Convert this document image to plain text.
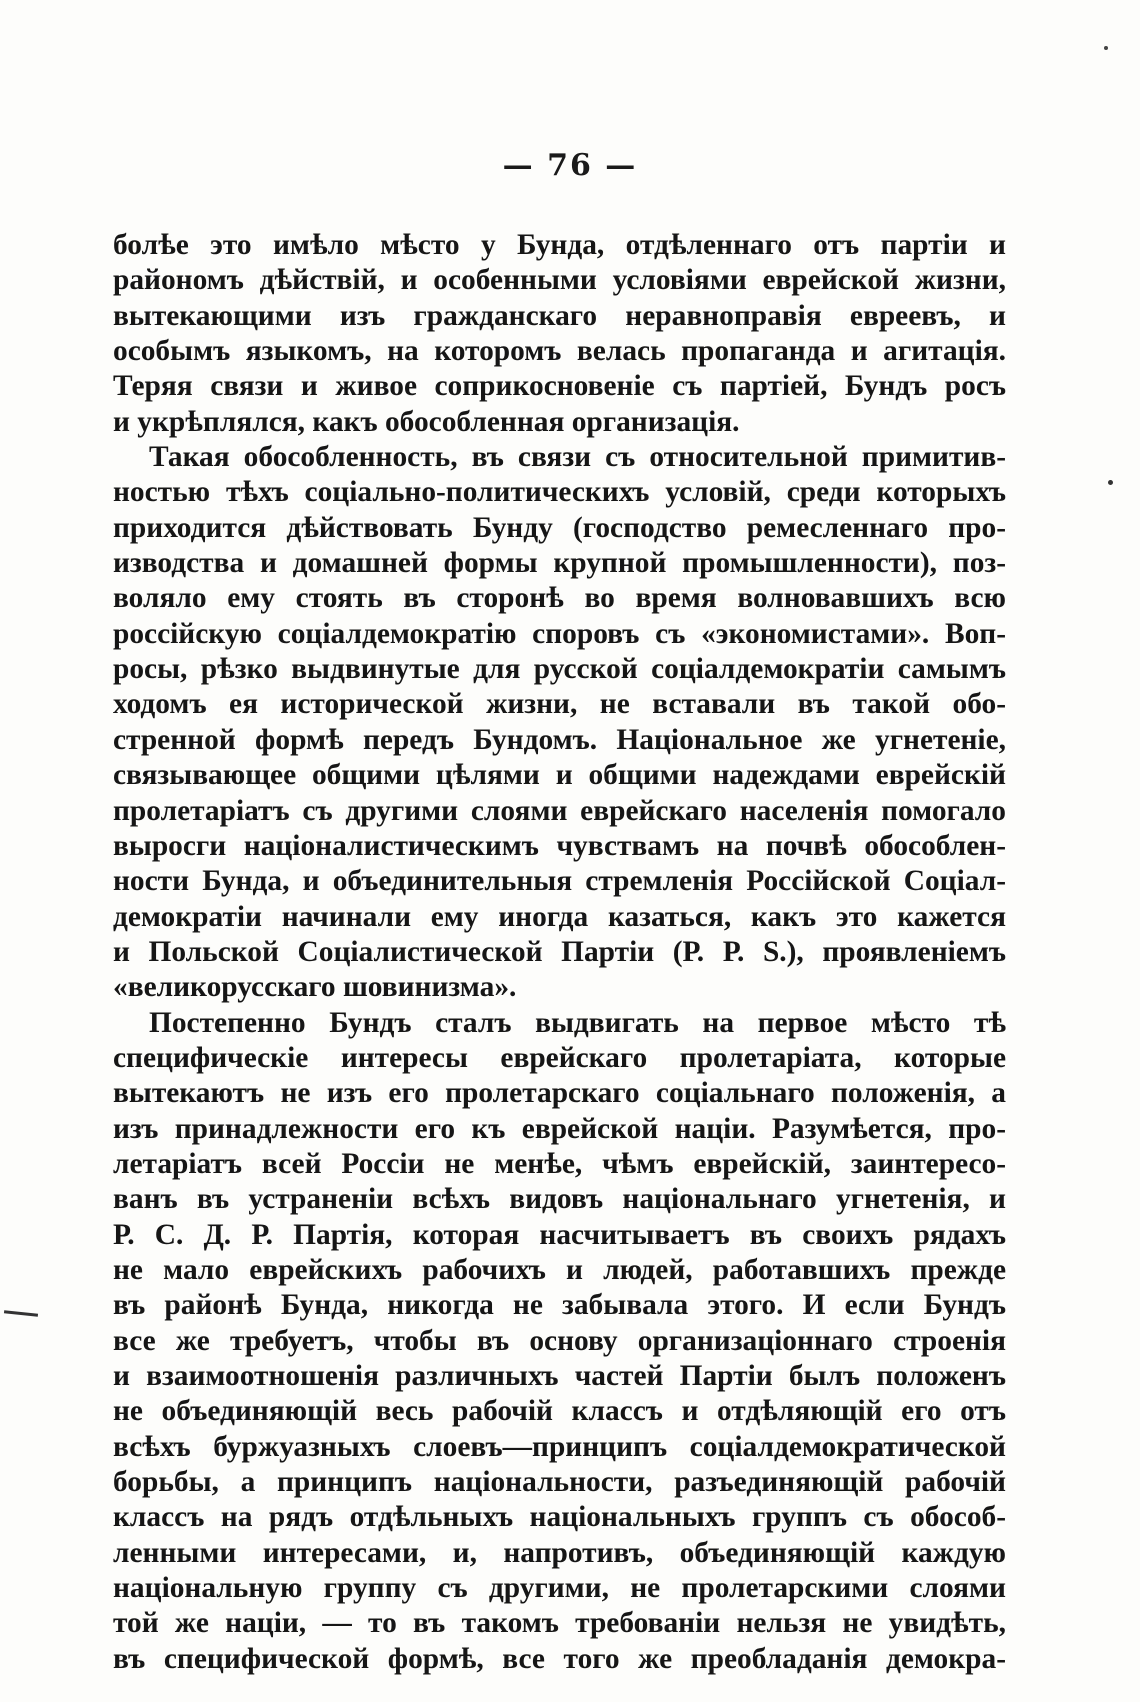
— 76 —
болѣе это имѣло мѣсто у Бунда, отдѣленнаго отъ партіи и
райономъ дѣйствій, и особенными условіями еврейской жизни,
вытекающими изъ гражданскаго неравноправія евреевъ, и
особымъ языкомъ, на которомъ велась пропаганда и агитація.
Теряя связи и живое соприкосновеніе съ партіей, Бундъ росъ
и укрѣплялся, какъ обособленная организація.
Такая обособленность, въ связи съ относительной примитив-
ностью тѣхъ соціально-политическихъ условій, среди которыхъ
приходится дѣйствовать Бунду (господство ремесленнаго про-
изводства и домашней формы крупной промышленности), поз-
воляло ему стоять въ сторонѣ во время волновавшихъ всю
россійскую соціалдемократію споровъ съ «экономистами». Воп-
росы, рѣзко выдвинутые для русской соціалдемократіи самымъ
ходомъ ея исторической жизни, не вставали въ такой обо-
стренной формѣ передъ Бундомъ. Національное же угнетеніе,
связывающее общими цѣлями и общими надеждами еврейскій
пролетаріатъ съ другими слоями еврейскаго населенія помогало
выросги націоналистическимъ чувствамъ на почвѣ обособлен-
ности Бунда, и объединительныя стремленія Россійской Соціал-
демократіи начинали ему иногда казаться, какъ это кажется
и Польской Соціалистической Партіи (Р. Р. S.), проявленіемъ
«великорусскаго шовинизма».
Постепенно Бундъ сталъ выдвигать на первое мѣсто тѣ
специфическіе интересы еврейскаго пролетаріата, которые
вытекаютъ не изъ его пролетарскаго соціальнаго положенія, а
изъ принадлежности его къ еврейской націи. Разумѣется, про-
летаріатъ всей Россіи не менѣе, чѣмъ еврейскій, заинтересо-
ванъ въ устраненіи всѣхъ видовъ національнаго угнетенія, и
Р. С. Д. Р. Партія, которая насчитываетъ въ своихъ рядахъ
не мало еврейскихъ рабочихъ и людей, работавшихъ прежде
въ районѣ Бунда, никогда не забывала этого. И если Бундъ
все же требуетъ, чтобы въ основу организаціоннаго строенія
и взаимоотношенія различныхъ частей Партіи былъ положенъ
не объединяющій весь рабочій классъ и отдѣляющій его отъ
всѣхъ буржуазныхъ слоевъ—принципъ соціалдемократической
борьбы, а принципъ національности, разъединяющій рабочій
классъ на рядъ отдѣльныхъ національныхъ группъ съ обособ-
ленными интересами, и, напротивъ, объединяющій каждую
національную группу съ другими, не пролетарскими слоями
той же націи, — то въ такомъ требованіи нельзя не увидѣть,
въ специфической формѣ, все того же преобладанія демокра-
